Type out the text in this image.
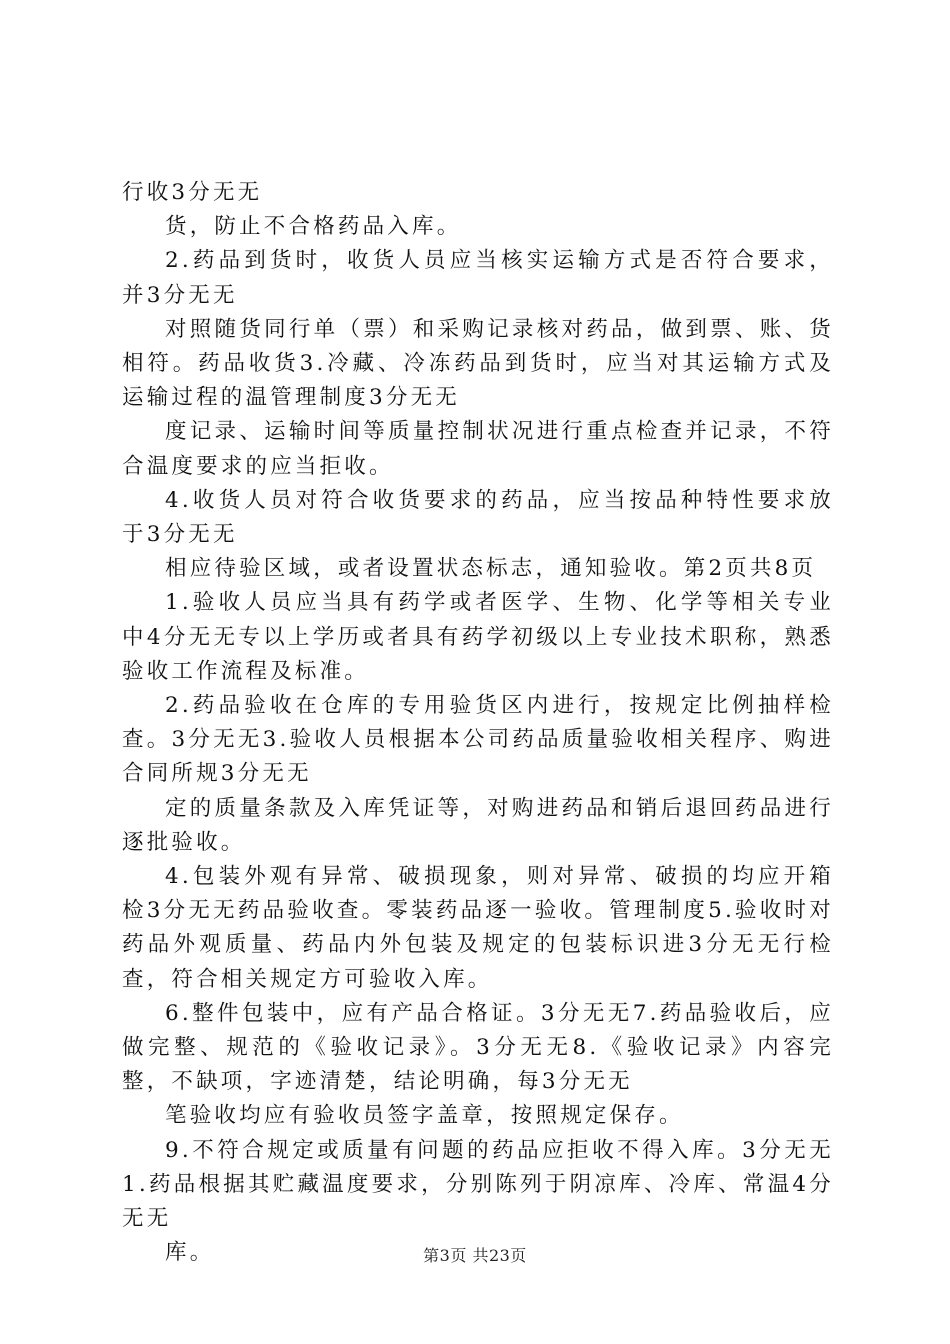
行收3分无无

货，防止不合格药品入库。

2.药品到货时，收货人员应当核实运输方式是否符合要求，并3分无无

对照随货同行单（票）和采购记录核对药品，做到票、账、货相符。药品收货3.冷藏、冷冻药品到货时，应当对其运输方式及运输过程的温管理制度3分无无

度记录、运输时间等质量控制状况进行重点检查并记录，不符合温度要求的应当拒收。

4.收货人员对符合收货要求的药品，应当按品种特性要求放于3分无无

相应待验区域，或者设置状态标志，通知验收。第2页共8页

1.验收人员应当具有药学或者医学、生物、化学等相关专业中4分无无专以上学历或者具有药学初级以上专业技术职称，熟悉验收工作流程及标准。

2.药品验收在仓库的专用验货区内进行，按规定比例抽样检查。3分无无3.验收人员根据本公司药品质量验收相关程序、购进合同所规3分无无

定的质量条款及入库凭证等，对购进药品和销后退回药品进行逐批验收。

4.包装外观有异常、破损现象，则对异常、破损的均应开箱检3分无无药品验收查。零装药品逐一验收。管理制度5.验收时对药品外观质量、药品内外包装及规定的包装标识进3分无无行检查，符合相关规定方可验收入库。

6.整件包装中，应有产品合格证。3分无无7.药品验收后，应做完整、规范的《验收记录》。3分无无8.《验收记录》内容完整，不缺项，字迹清楚，结论明确，每3分无无

笔验收均应有验收员签字盖章，按照规定保存。

9.不符合规定或质量有问题的药品应拒收不得入库。3分无无1.药品根据其贮藏温度要求，分别陈列于阴凉库、冷库、常温4分无无

库。	第3页 共23页
